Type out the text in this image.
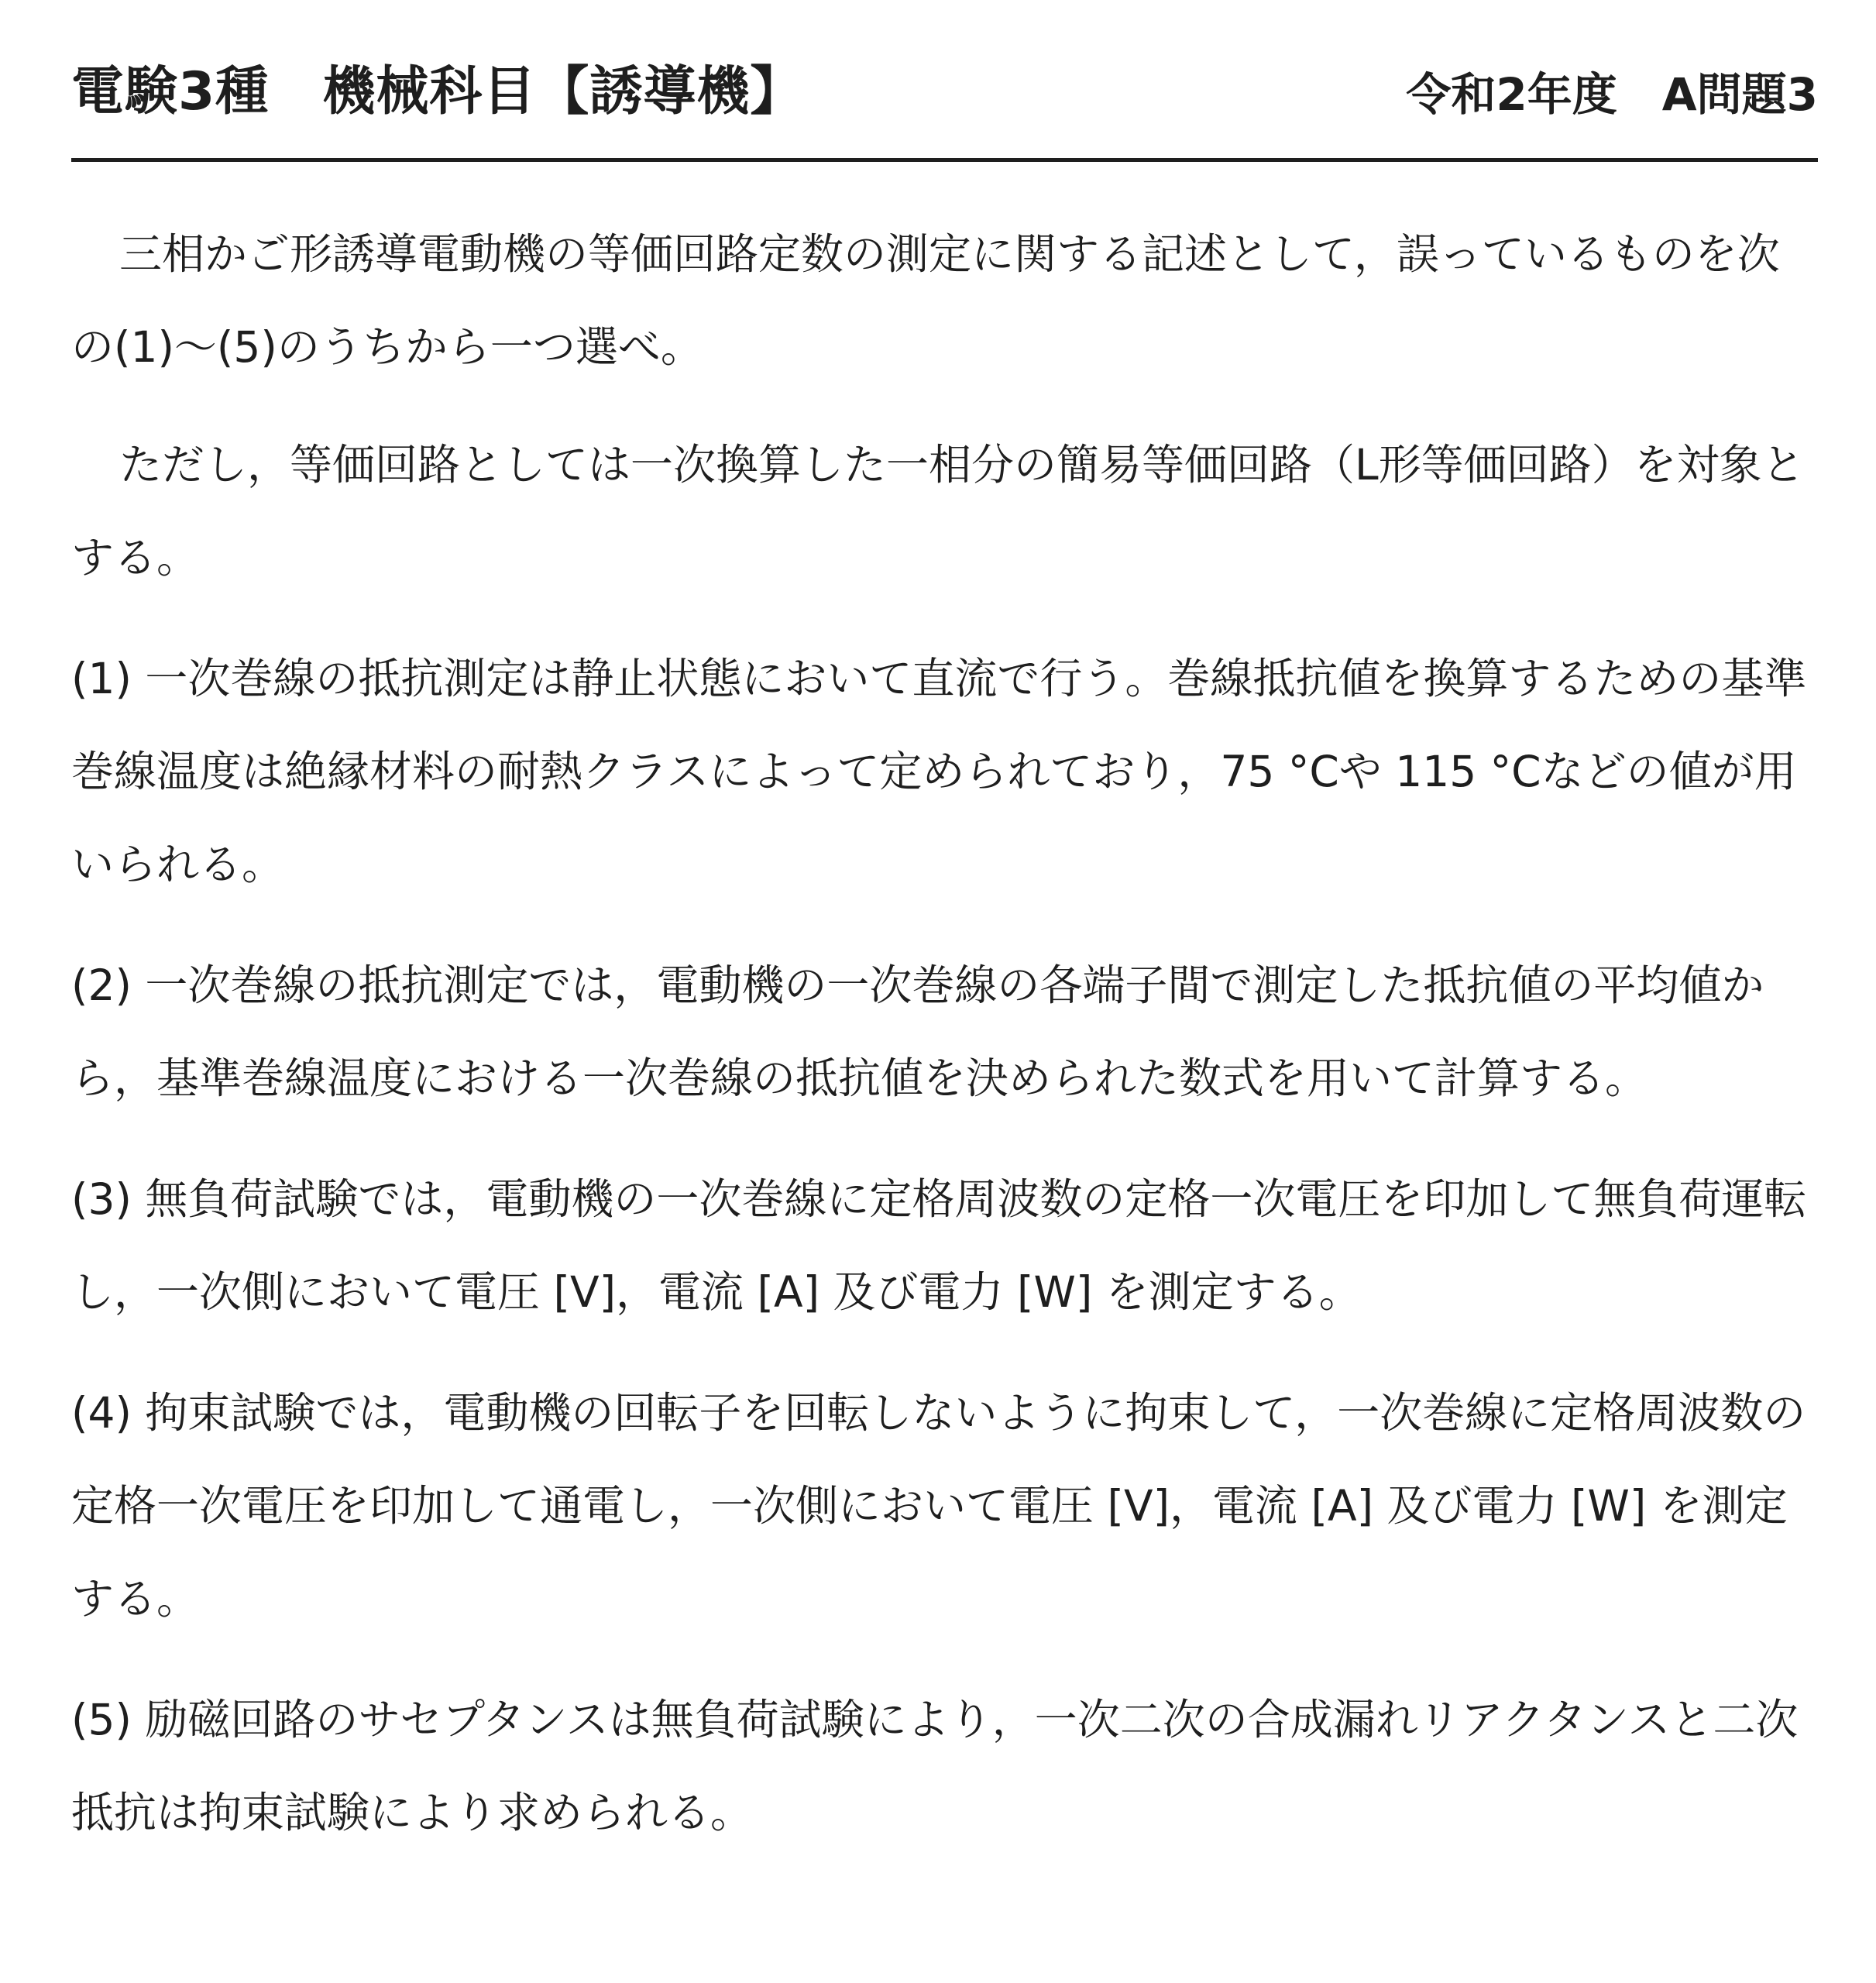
電験3種　機械科目【誘導機】	令和2年度　A問題3

三相かご形誘導電動機の等価回路定数の測定に関する記述として，誤っているものを次の(1)～(5)のうちから一つ選べ。

ただし，等価回路としては一次換算した一相分の簡易等価回路（L形等価回路）を対象とする。

(1) 一次巻線の抵抗測定は静止状態において直流で行う。巻線抵抗値を換算するための基準巻線温度は絶縁材料の耐熱クラスによって定められており，75 °Cや 115 °Cなどの値が用いられる。

(2) 一次巻線の抵抗測定では，電動機の一次巻線の各端子間で測定した抵抗値の平均値から，基準巻線温度における一次巻線の抵抗値を決められた数式を用いて計算する。

(3) 無負荷試験では，電動機の一次巻線に定格周波数の定格一次電圧を印加して無負荷運転し，一次側において電圧 [V]，電流 [A] 及び電力 [W] を測定する。

(4) 拘束試験では，電動機の回転子を回転しないように拘束して，一次巻線に定格周波数の定格一次電圧を印加して通電し，一次側において電圧 [V]，電流 [A] 及び電力 [W] を測定する。

(5) 励磁回路のサセプタンスは無負荷試験により，一次二次の合成漏れリアクタンスと二次抵抗は拘束試験により求められる。
